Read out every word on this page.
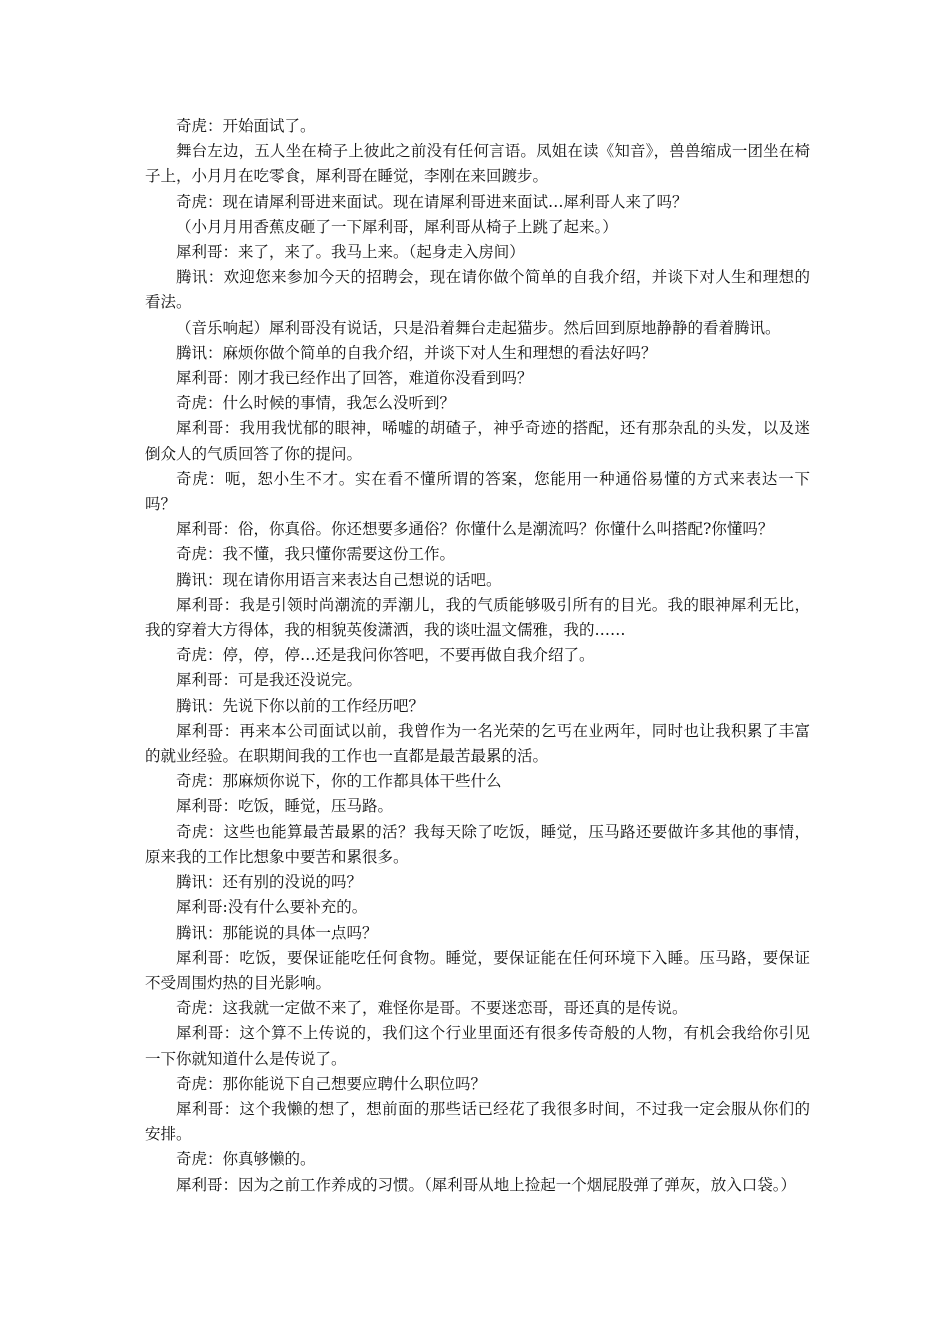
奇虎：开始面试了。

舞台左边，五人坐在椅子上彼此之前没有任何言语。凤姐在读《知音》，兽兽缩成一团坐在椅子上，小月月在吃零食，犀利哥在睡觉，李刚在来回踱步。

奇虎：现在请犀利哥进来面试。现在请犀利哥进来面试…犀利哥人来了吗？

（小月月用香蕉皮砸了一下犀利哥，犀利哥从椅子上跳了起来。）

犀利哥：来了，来了。我马上来。（起身走入房间）

腾讯：欢迎您来参加今天的招聘会，现在请你做个简单的自我介绍，并谈下对人生和理想的看法。

（音乐响起）犀利哥没有说话，只是沿着舞台走起猫步。然后回到原地静静的看着腾讯。

腾讯：麻烦你做个简单的自我介绍，并谈下对人生和理想的看法好吗？

犀利哥：刚才我已经作出了回答，难道你没看到吗？

奇虎：什么时候的事情，我怎么没听到？

犀利哥：我用我忧郁的眼神，唏嘘的胡碴子，神乎奇迹的搭配，还有那杂乱的头发，以及迷倒众人的气质回答了你的提问。

奇虎：呃，恕小生不才。实在看不懂所谓的答案，您能用一种通俗易懂的方式来表达一下吗？

犀利哥：俗，你真俗。你还想要多通俗？你懂什么是潮流吗？你懂什么叫搭配?你懂吗？

奇虎：我不懂，我只懂你需要这份工作。

腾讯：现在请你用语言来表达自己想说的话吧。

犀利哥：我是引领时尚潮流的弄潮儿，我的气质能够吸引所有的目光。我的眼神犀利无比，我的穿着大方得体，我的相貌英俊潇洒，我的谈吐温文儒雅，我的……

奇虎：停，停，停…还是我问你答吧，不要再做自我介绍了。

犀利哥：可是我还没说完。

腾讯：先说下你以前的工作经历吧？

犀利哥：再来本公司面试以前，我曾作为一名光荣的乞丐在业两年，同时也让我积累了丰富的就业经验。在职期间我的工作也一直都是最苦最累的活。

奇虎：那麻烦你说下，你的工作都具体干些什么

犀利哥：吃饭，睡觉，压马路。

奇虎：这些也能算最苦最累的活？我每天除了吃饭，睡觉，压马路还要做许多其他的事情，原来我的工作比想象中要苦和累很多。

腾讯：还有别的没说的吗？

犀利哥:没有什么要补充的。

腾讯：那能说的具体一点吗？

犀利哥：吃饭，要保证能吃任何食物。睡觉，要保证能在任何环境下入睡。压马路，要保证不受周围灼热的目光影响。

奇虎：这我就一定做不来了，难怪你是哥。不要迷恋哥，哥还真的是传说。

犀利哥：这个算不上传说的，我们这个行业里面还有很多传奇般的人物，有机会我给你引见一下你就知道什么是传说了。

奇虎：那你能说下自己想要应聘什么职位吗？

犀利哥：这个我懒的想了，想前面的那些话已经花了我很多时间，不过我一定会服从你们的安排。

奇虎：你真够懒的。

犀利哥：因为之前工作养成的习惯。（犀利哥从地上捡起一个烟屁股弹了弹灰，放入口袋。）
